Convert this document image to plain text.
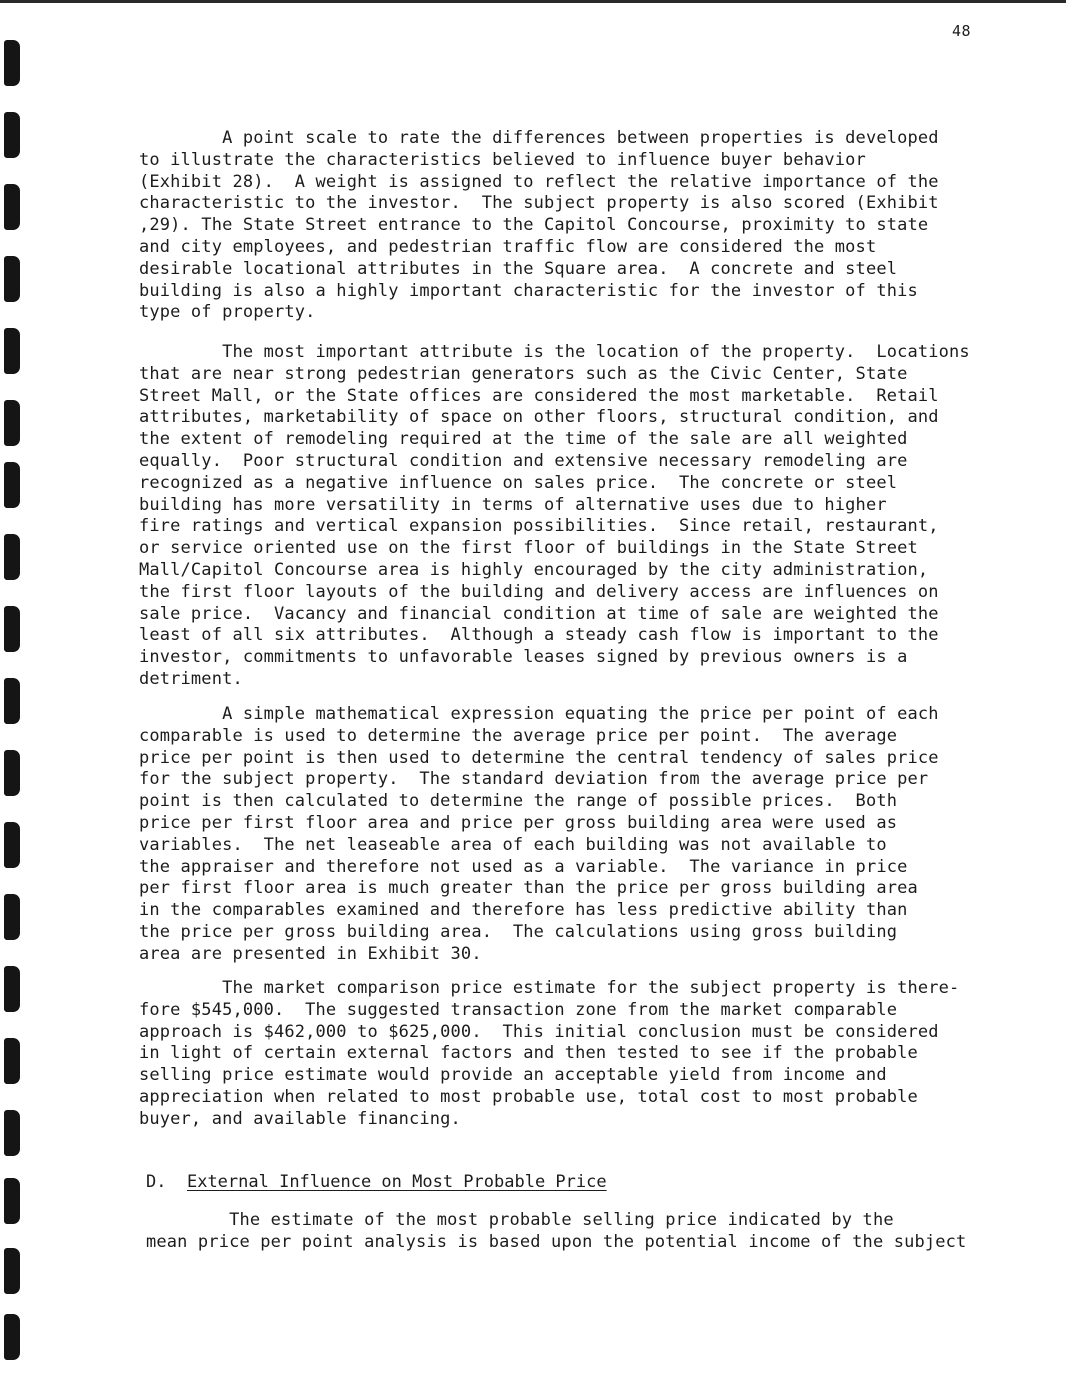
48
A point scale to rate the differences between properties is developed
to illustrate the characteristics believed to influence buyer behavior
(Exhibit 28).  A weight is assigned to reflect the relative importance of the
characteristic to the investor.  The subject property is also scored (Exhibit
,29). The State Street entrance to the Capitol Concourse, proximity to state
and city employees, and pedestrian traffic flow are considered the most
desirable locational attributes in the Square area.  A concrete and steel
building is also a highly important characteristic for the investor of this
type of property.
The most important attribute is the location of the property.  Locations
that are near strong pedestrian generators such as the Civic Center, State
Street Mall, or the State offices are considered the most marketable.  Retail
attributes, marketability of space on other floors, structural condition, and
the extent of remodeling required at the time of the sale are all weighted
equally.  Poor structural condition and extensive necessary remodeling are
recognized as a negative influence on sales price.  The concrete or steel
building has more versatility in terms of alternative uses due to higher
fire ratings and vertical expansion possibilities.  Since retail, restaurant,
or service oriented use on the first floor of buildings in the State Street
Mall/Capitol Concourse area is highly encouraged by the city administration,
the first floor layouts of the building and delivery access are influences on
sale price.  Vacancy and financial condition at time of sale are weighted the
least of all six attributes.  Although a steady cash flow is important to the
investor, commitments to unfavorable leases signed by previous owners is a
detriment.
A simple mathematical expression equating the price per point of each
comparable is used to determine the average price per point.  The average
price per point is then used to determine the central tendency of sales price
for the subject property.  The standard deviation from the average price per
point is then calculated to determine the range of possible prices.  Both
price per first floor area and price per gross building area were used as
variables.  The net leaseable area of each building was not available to
the appraiser and therefore not used as a variable.  The variance in price
per first floor area is much greater than the price per gross building area
in the comparables examined and therefore has less predictive ability than
the price per gross building area.  The calculations using gross building
area are presented in Exhibit 30.
The market comparison price estimate for the subject property is there-
fore $545,000.  The suggested transaction zone from the market comparable
approach is $462,000 to $625,000.  This initial conclusion must be considered
in light of certain external factors and then tested to see if the probable
selling price estimate would provide an acceptable yield from income and
appreciation when related to most probable use, total cost to most probable
buyer, and available financing.
D. External Influence on Most Probable Price
The estimate of the most probable selling price indicated by the
mean price per point analysis is based upon the potential income of the subject
